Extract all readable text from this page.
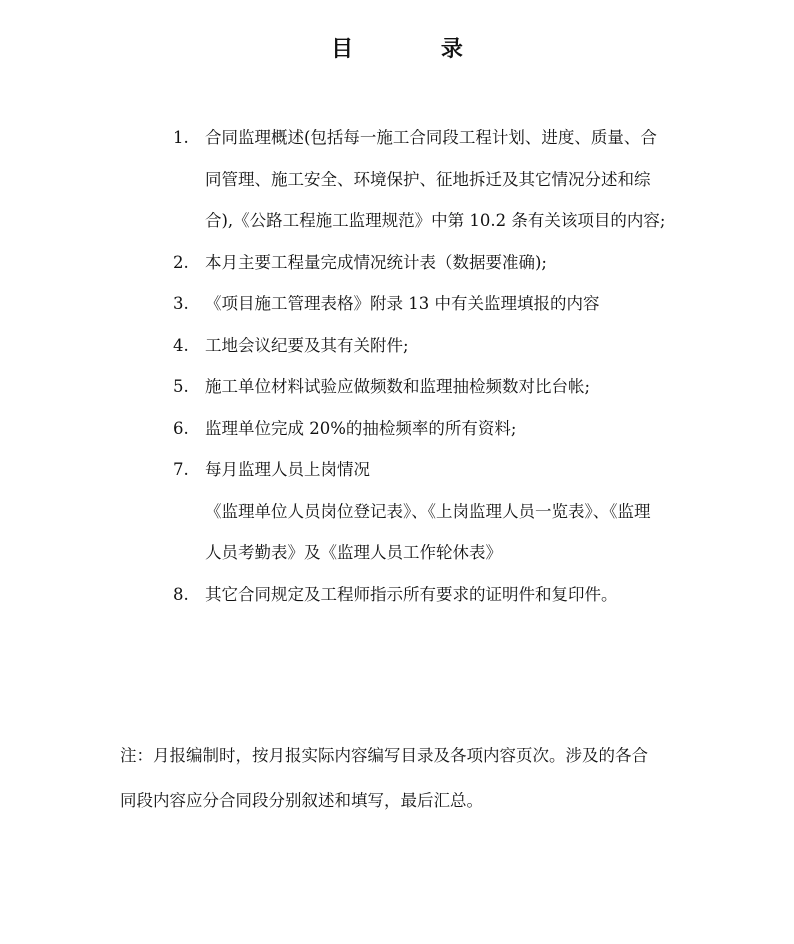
目 录
1. 合同监理概述(包括每一施工合同段工程计划、进度、质量、合
同管理、施工安全、环境保护、征地拆迁及其它情况分述和综
合),《公路工程施工监理规范》中第 10.2 条有关该项目的内容;
2. 本月主要工程量完成情况统计表（数据要准确);
3. 《项目施工管理表格》附录 13 中有关监理填报的内容
4. 工地会议纪要及其有关附件;
5. 施工单位材料试验应做频数和监理抽检频数对比台帐;
6. 监理单位完成 20%的抽检频率的所有资料;
7. 每月监理人员上岗情况
《监理单位人员岗位登记表》、《上岗监理人员一览表》、《监理
人员考勤表》及《监理人员工作轮休表》
8. 其它合同规定及工程师指示所有要求的证明件和复印件。
注：月报编制时，按月报实际内容编写目录及各项内容页次。涉及的各合
同段内容应分合同段分别叙述和填写，最后汇总。
